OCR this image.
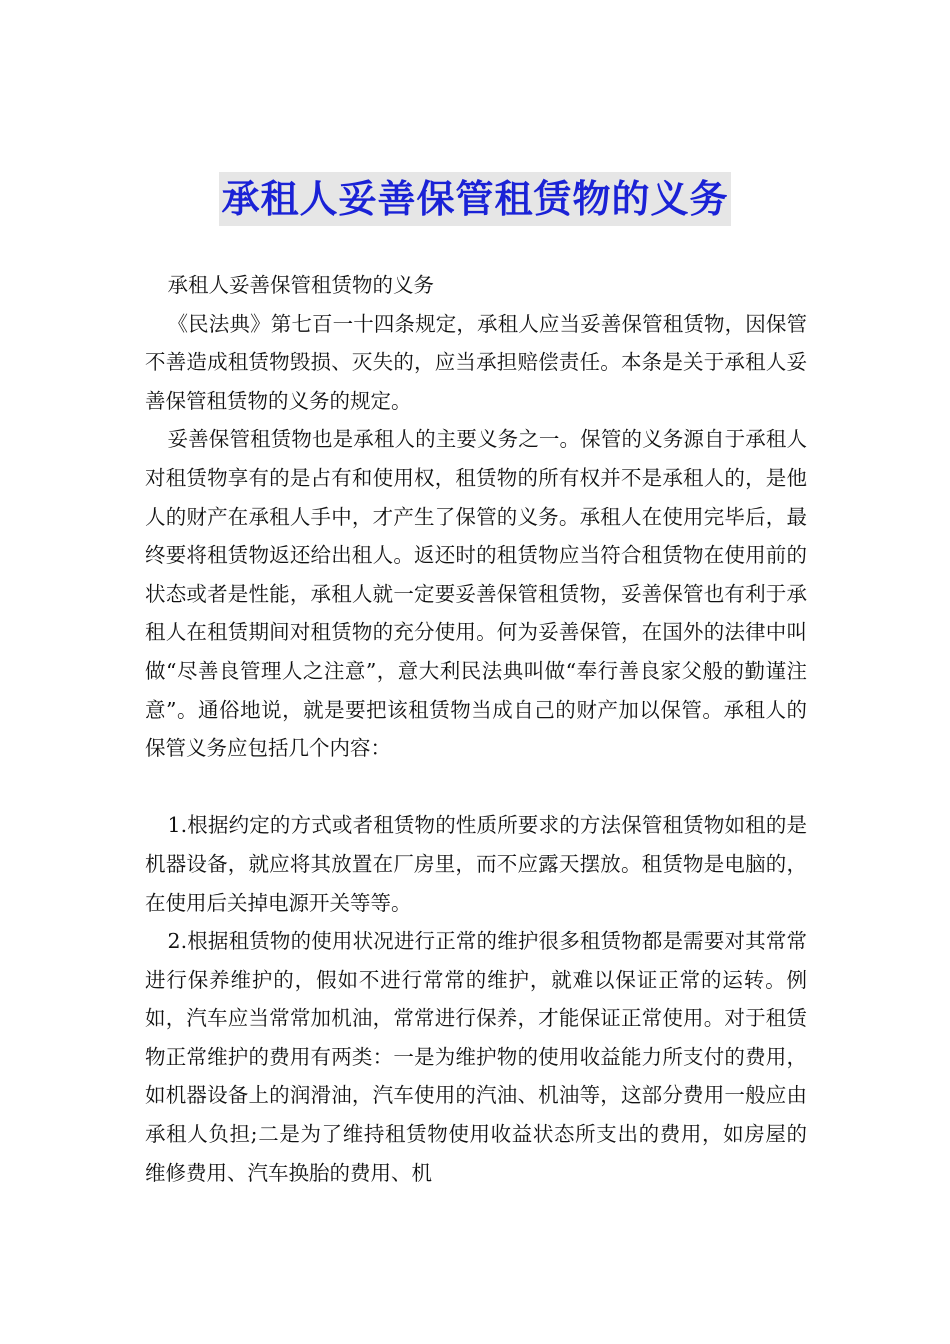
承租人妥善保管租赁物的义务

承租人妥善保管租赁物的义务

《民法典》第七百一十四条规定，承租人应当妥善保管租赁物，因保管不善造成租赁物毁损、灭失的，应当承担赔偿责任。本条是关于承租人妥善保管租赁物的义务的规定。

妥善保管租赁物也是承租人的主要义务之一。保管的义务源自于承租人对租赁物享有的是占有和使用权，租赁物的所有权并不是承租人的，是他人的财产在承租人手中，才产生了保管的义务。承租人在使用完毕后，最终要将租赁物返还给出租人。返还时的租赁物应当符合租赁物在使用前的状态或者是性能，承租人就一定要妥善保管租赁物，妥善保管也有利于承租人在租赁期间对租赁物的充分使用。何为妥善保管，在国外的法律中叫做“尽善良管理人之注意”，意大利民法典叫做“奉行善良家父般的勤谨注意”。通俗地说，就是要把该租赁物当成自己的财产加以保管。承租人的保管义务应包括几个内容：

1.根据约定的方式或者租赁物的性质所要求的方法保管租赁物如租的是机器设备，就应将其放置在厂房里，而不应露天摆放。租赁物是电脑的，在使用后关掉电源开关等等。

2.根据租赁物的使用状况进行正常的维护很多租赁物都是需要对其常常进行保养维护的，假如不进行常常的维护，就难以保证正常的运转。例如，汽车应当常常加机油，常常进行保养，才能保证正常使用。对于租赁物正常维护的费用有两类：一是为维护物的使用收益能力所支付的费用，如机器设备上的润滑油，汽车使用的汽油、机油等，这部分费用一般应由承租人负担;二是为了维持租赁物使用收益状态所支出的费用，如房屋的维修费用、汽车换胎的费用、机
